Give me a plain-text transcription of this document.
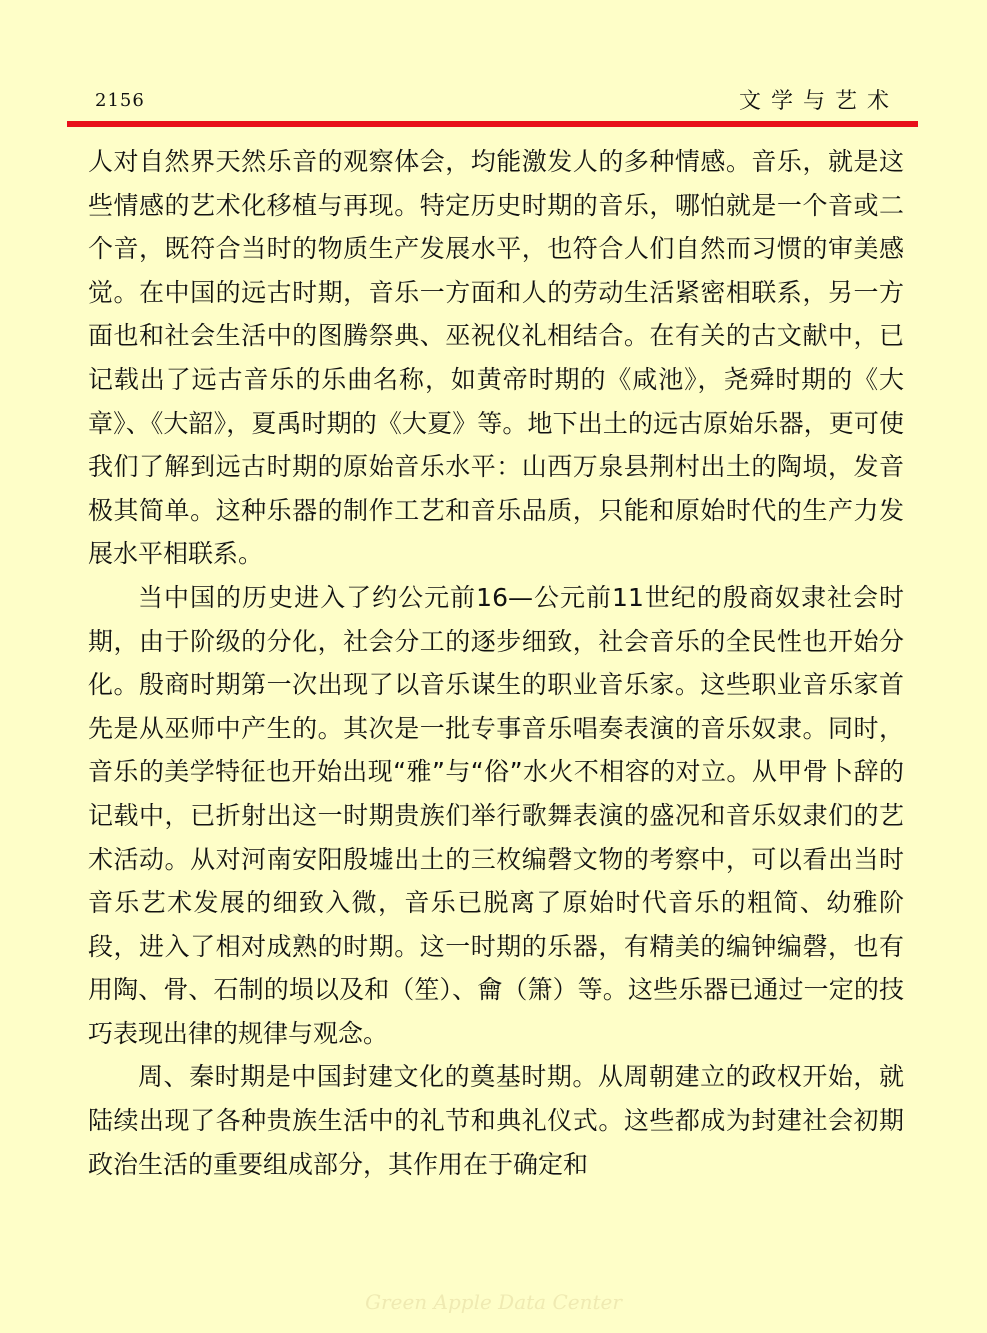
2156	文学与艺术

人对自然界天然乐音的观察体会，均能激发人的多种情感。音乐，就是这些情感的艺术化移植与再现。特定历史时期的音乐，哪怕就是一个音或二个音，既符合当时的物质生产发展水平，也符合人们自然而习惯的审美感觉。在中国的远古时期，音乐一方面和人的劳动生活紧密相联系，另一方面也和社会生活中的图腾祭典、巫祝仪礼相结合。在有关的古文献中，已记载出了远古音乐的乐曲名称，如黄帝时期的《咸池》，尧舜时期的《大章》、《大韶》，夏禹时期的《大夏》等。地下出土的远古原始乐器，更可使我们了解到远古时期的原始音乐水平：山西万泉县荆村出土的陶埙，发音极其简单。这种乐器的制作工艺和音乐品质，只能和原始时代的生产力发展水平相联系。

当中国的历史进入了约公元前16—公元前11世纪的殷商奴隶社会时期，由于阶级的分化，社会分工的逐步细致，社会音乐的全民性也开始分化。殷商时期第一次出现了以音乐谋生的职业音乐家。这些职业音乐家首先是从巫师中产生的。其次是一批专事音乐唱奏表演的音乐奴隶。同时，音乐的美学特征也开始出现“雅”与“俗”水火不相容的对立。从甲骨卜辞的记载中，已折射出这一时期贵族们举行歌舞表演的盛况和音乐奴隶们的艺术活动。从对河南安阳殷墟出土的三枚编磬文物的考察中，可以看出当时音乐艺术发展的细致入微，音乐已脱离了原始时代音乐的粗简、幼雅阶段，进入了相对成熟的时期。这一时期的乐器，有精美的编钟编磬，也有用陶、骨、石制的埙以及和（笙）、龠（箫）等。这些乐器已通过一定的技巧表现出律的规律与观念。

周、秦时期是中国封建文化的奠基时期。从周朝建立的政权开始，就陆续出现了各种贵族生活中的礼节和典礼仪式。这些都成为封建社会初期政治生活的重要组成部分，其作用在于确定和

Green Apple Data Center
